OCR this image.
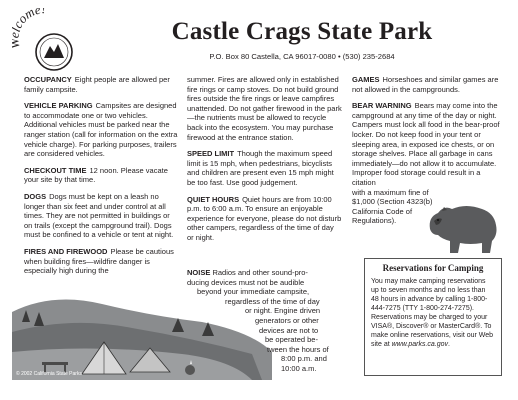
ome!
Castle Crags State Park
P.O. Box 80 Castella, CA 96017-0080 • (530) 235-2684

OCCUPANCY Eight people are allowed per family campsite.

VEHICLE PARKING Campsites are designed to accommodate one or two vehicles. Additional vehicles must be parked near the ranger station (call for information on the extra vehicle charge). For parking purposes, trailers are considered vehicles.

CHECKOUT TIME 12 noon. Please vacate your site by that time.

DOGS Dogs must be kept on a leash no longer than six feet and under control at all times. They are not permitted in buildings or on trails (except the campground trail). Dogs must be confined to a vehicle or tent at night.

FIRES AND FIREWOOD Please be cautious when building fires—wildfire danger is especially high during the

summer. Fires are allowed only in established fire rings or camp stoves. Do not build ground fires outside the fire rings or leave campfires unattended. Do not gather firewood in the park—the nutrients must be allowed to recycle back into the ecosystem. You may purchase firewood at the entrance station.

SPEED LIMIT Though the maximum speed limit is 15 mph, when pedestrians, bicyclists and children are present even 15 mph might be too fast. Use good judgement.

QUIET HOURS Quiet hours are from 10:00 p.m. to 6:00 a.m. To ensure an enjoyable experience for everyone, please do not disturb other campers, regardless of the time of day or night.

© 2002 California State Parks
NOISE Radios and other sound-pro-
ducing devices must not be audible
beyond your immediate campsite,
regardless of the time of day
or night. Engine driven
generators or other
devices are not to
be operated be-
tween the hours of
8:00 p.m. and
10:00 a.m.

GAMES Horseshoes and similar games are not allowed in the campgrounds.

BEAR WARNING Bears may come into the campground at any time of the day or night. Campers must lock all food in the bear-proof locker. Do not keep food in your tent or sleeping area, in exposed ice chests, or on storage shelves. Place all garbage in cans immediately—do not allow it to accumulate. Improper food storage could result in a citation

with a maximum fine of $1,000 (Section 4323(b) California Code of Regulations).
Reservations for Camping
You may make camping reservations up to seven months and no less than 48 hours in advance by calling 1-800-444-7275 (TTY 1-800-274-7275). Reservations may be charged to your VISA®, Discover® or MasterCard®. To make online reservations, visit our Web site at www.parks.ca.gov.
